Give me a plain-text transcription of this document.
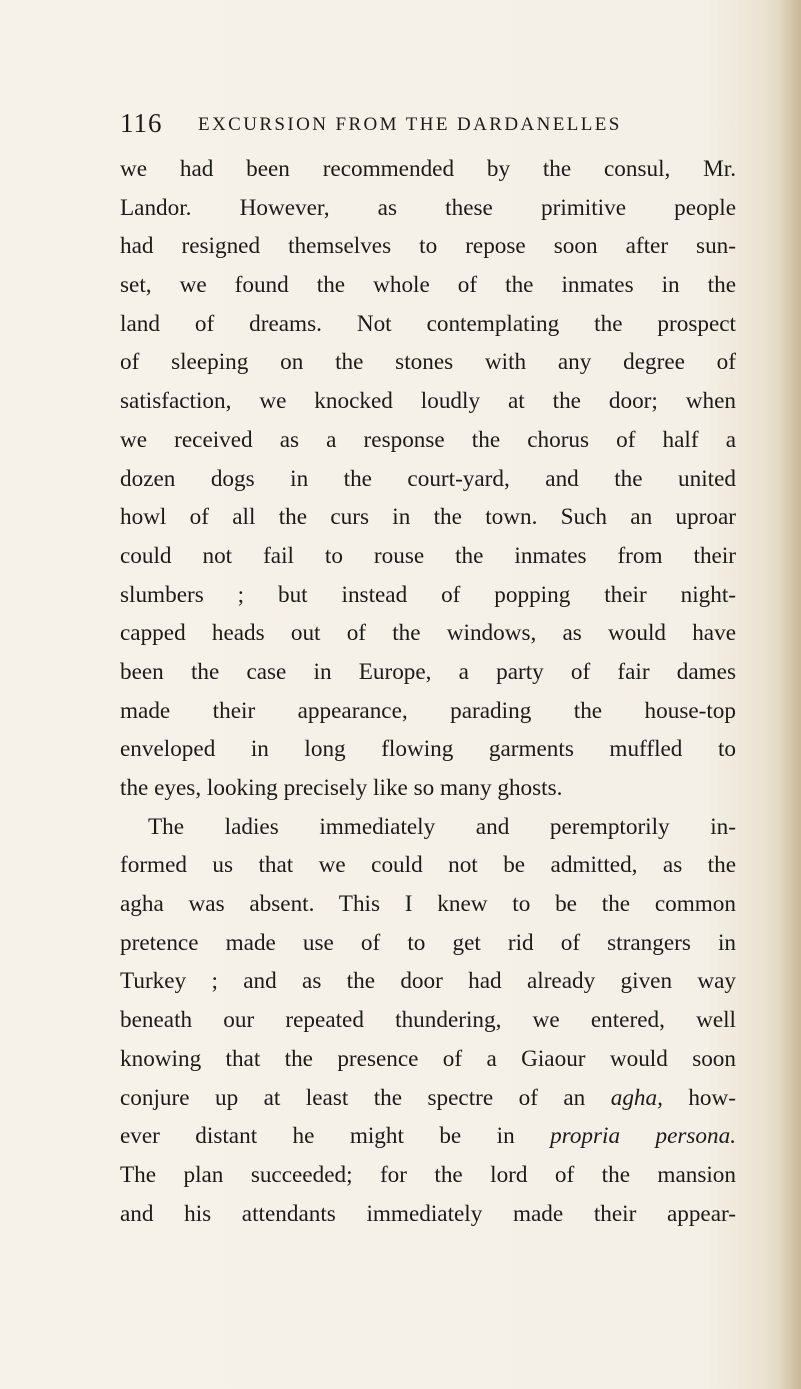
116 EXCURSION FROM THE DARDANELLES
we had been recommended by the consul, Mr.
Landor. However, as these primitive people
had resigned themselves to repose soon after sun-
set, we found the whole of the inmates in the
land of dreams. Not contemplating the prospect
of sleeping on the stones with any degree of
satisfaction, we knocked loudly at the door; when
we received as a response the chorus of half a
dozen dogs in the court-yard, and the united
howl of all the curs in the town. Such an uproar
could not fail to rouse the inmates from their
slumbers ; but instead of popping their night-
capped heads out of the windows, as would have
been the case in Europe, a party of fair dames
made their appearance, parading the house-top
enveloped in long flowing garments muffled to
the eyes, looking precisely like so many ghosts.
The ladies immediately and peremptorily in-
formed us that we could not be admitted, as the
agha was absent. This I knew to be the common
pretence made use of to get rid of strangers in
Turkey ; and as the door had already given way
beneath our repeated thundering, we entered, well
knowing that the presence of a Giaour would soon
conjure up at least the spectre of an agha, how-
ever distant he might be in propria persona.
The plan succeeded; for the lord of the mansion
and his attendants immediately made their appear-
